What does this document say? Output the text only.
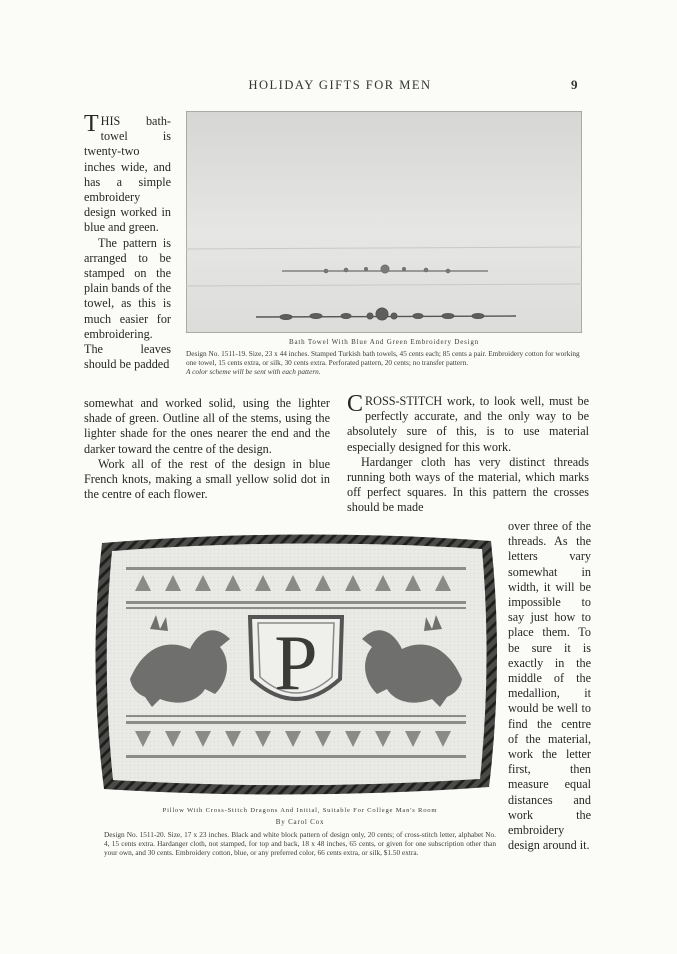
HOLIDAY GIFTS FOR MEN	9

THIS bath-towel is twenty-two inches wide, and has a simple embroidery design worked in blue and green.

The pattern is arranged to be stamped on the plain bands of the towel, as this is much easier for embroidering. The leaves should be padded

somewhat and worked solid, using the lighter shade of green. Outline all of the stems, using the lighter shade for the ones nearer the end and the darker toward the centre of the design.

Work all of the rest of the design in blue French knots, making a small yellow solid dot in the centre of each flower.

Bath Towel With Blue And Green Embroidery Design
Design No. 1511-19. Size, 23 x 44 inches. Stamped Turkish bath towels, 45 cents each; 85 cents a pair. Embroidery cotton for working one towel, 15 cents extra, or silk, 30 cents extra. Perforated pattern, 20 cents; no transfer pattern.
A color scheme will be sent with each pattern.

CROSS-STITCH work, to look well, must be perfectly accurate, and the only way to be absolutely sure of this, is to use material especially designed for this work.

Hardanger cloth has very distinct threads running both ways of the material, which marks off perfect squares. In this pattern the crosses should be made

over three of the threads. As the letters vary somewhat in width, it will be impossible to say just how to place them. To be sure it is exactly in the middle of the medallion, it would be well to find the centre of the material, work the letter first, then measure equal distances and work the embroidery design around it.

P
Pillow With Cross-Stitch Dragons And Initial, Suitable For College Man's Room
By Carol Cox
Design No. 1511-20. Size, 17 x 23 inches. Black and white block pattern of design only, 20 cents; of cross-stitch letter, alphabet No. 4, 15 cents extra. Hardanger cloth, not stamped, for top and back, 18 x 48 inches, 65 cents, or given for one subscription other than your own, and 30 cents. Embroidery cotton, blue, or any preferred color, 66 cents extra, or silk, $1.50 extra.
